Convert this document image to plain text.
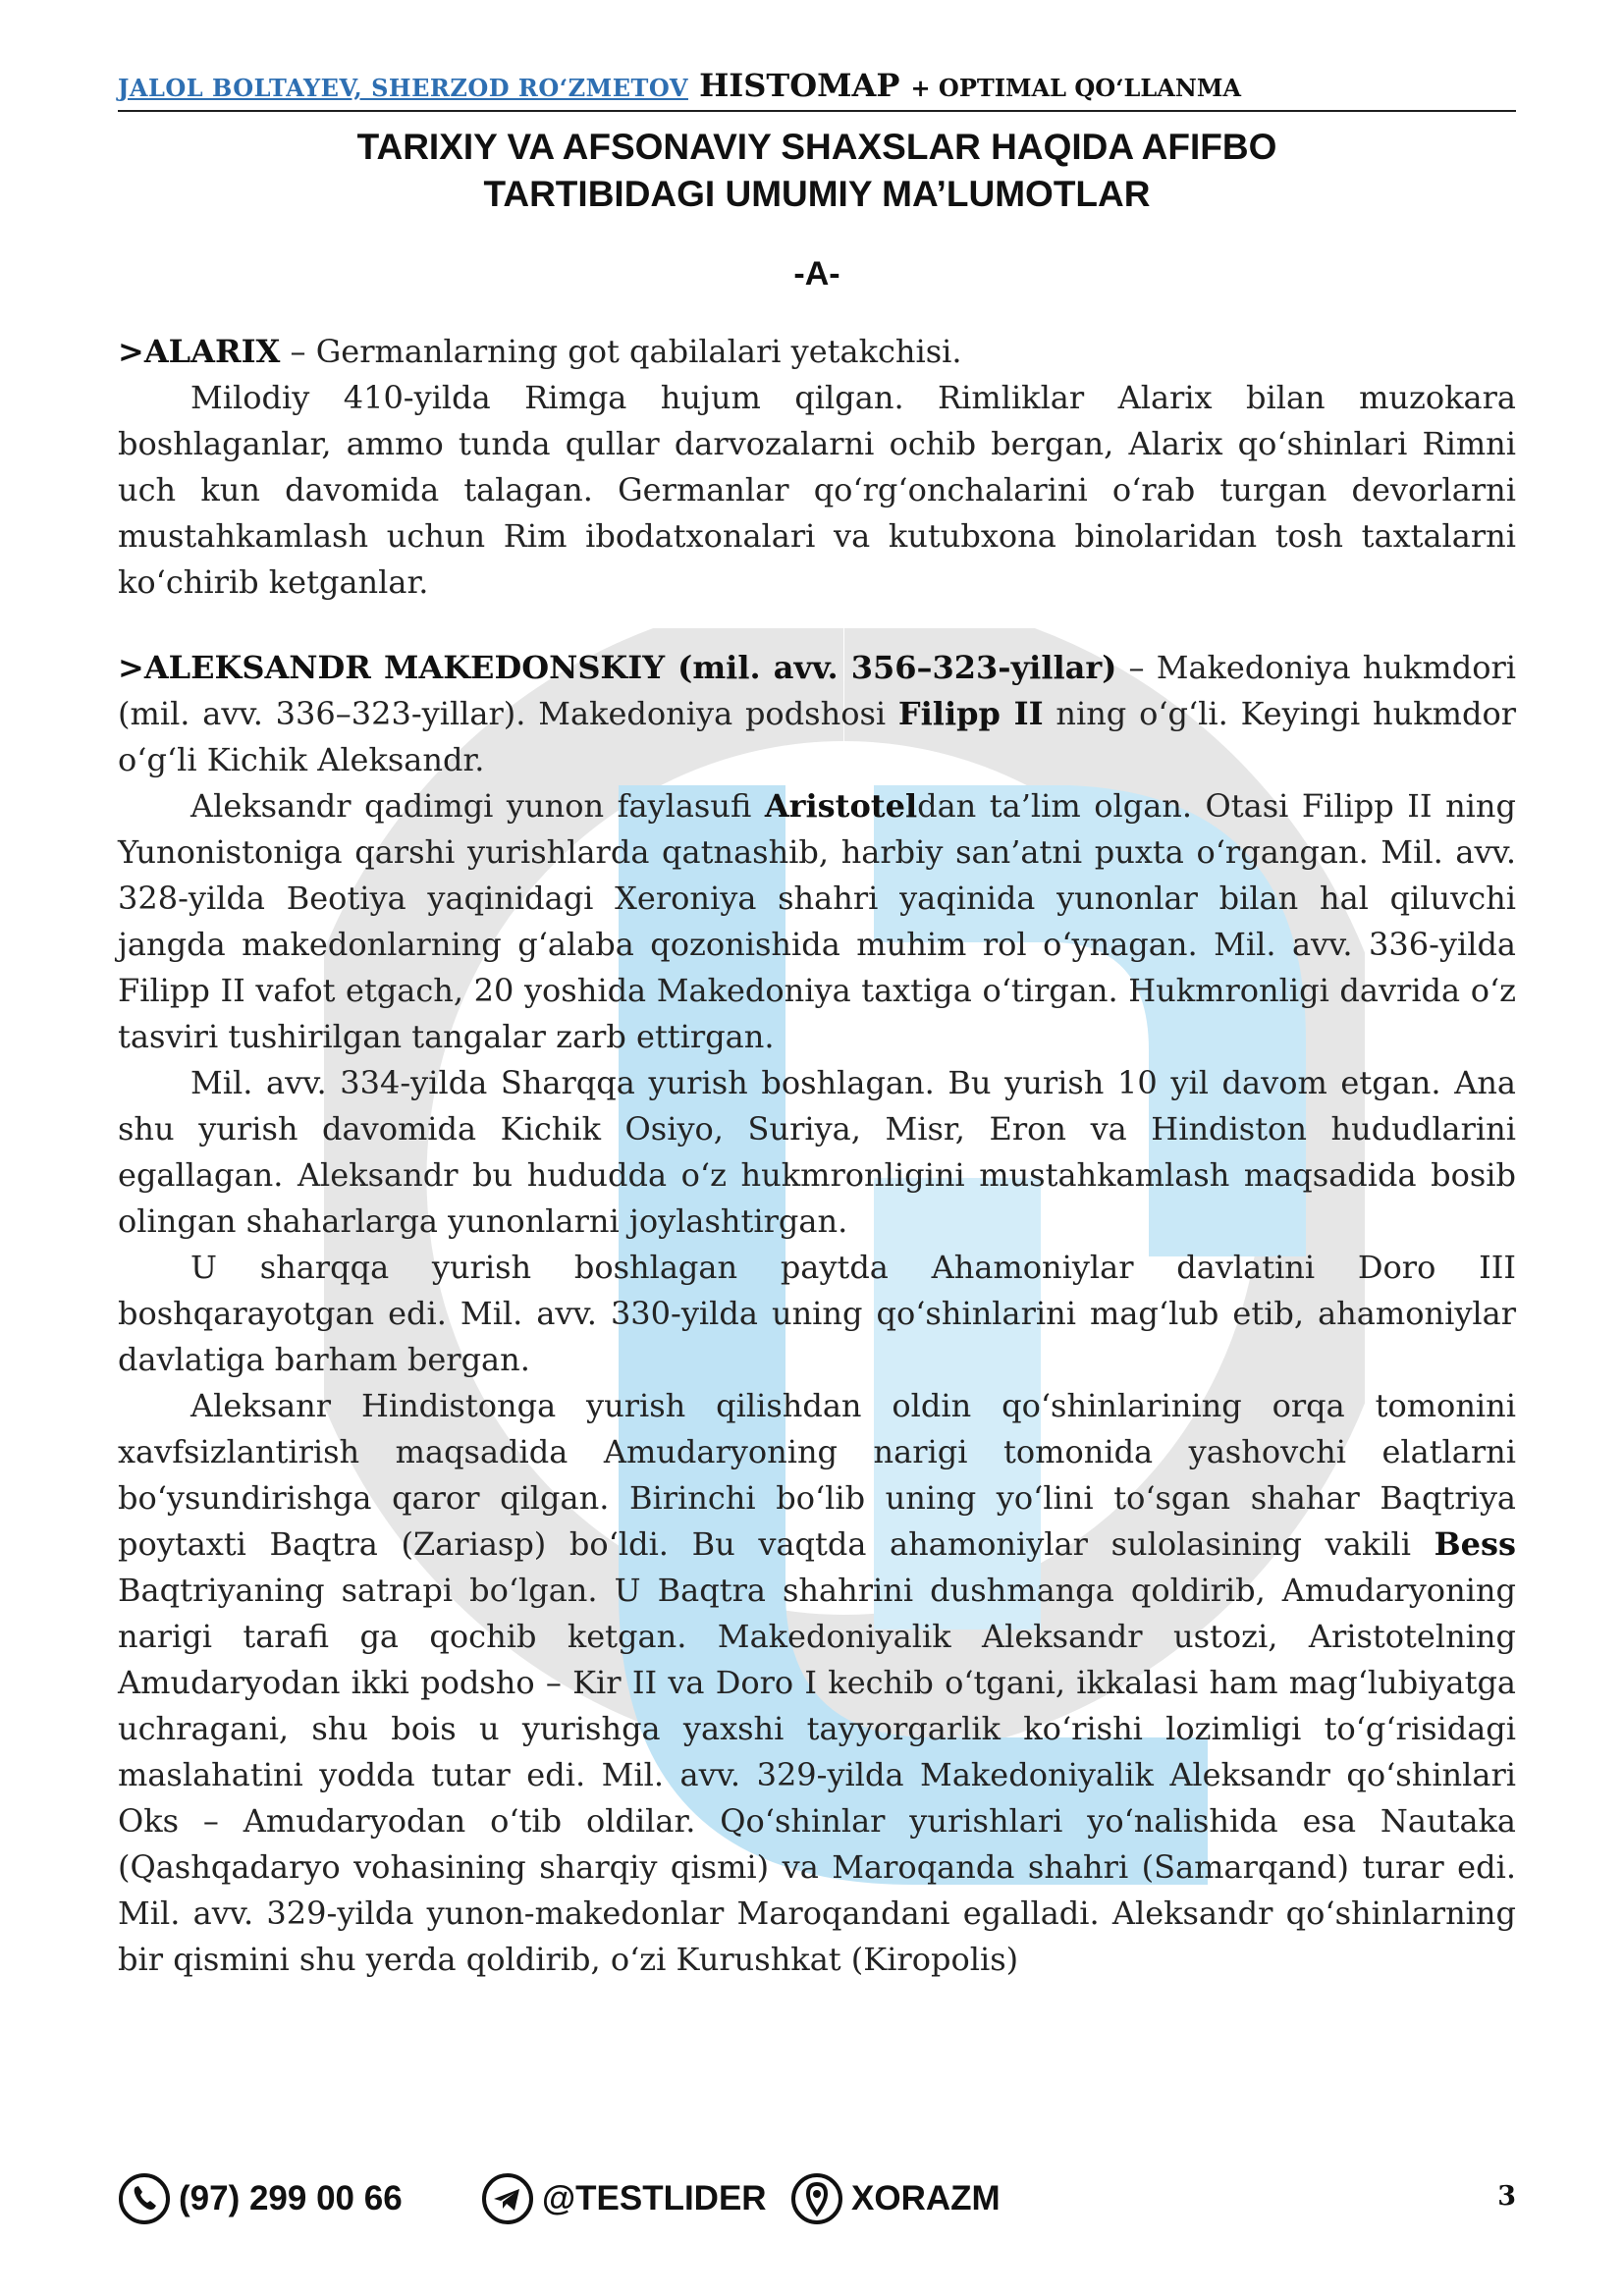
JALOL BOLTAYEV, SHERZOD RO‘ZMETOV HISTOMAP + OPTIMAL QO‘LLANMA
TARIXIY VA AFSONAVIY SHAXSLAR HAQIDA AFIFBO
TARTIBIDAGI UMUMIY MA’LUMOTLAR
-A-

>ALARIX – Germanlarning got qabilalari yetakchisi.

Milodiy 410-yilda Rimga hujum qilgan. Rimliklar Alarix bilan muzokara boshlaganlar, ammo tunda qullar darvozalarni ochib bergan, Alarix qo‘shinlari Rimni uch kun davomida talagan. Germanlar qo‘rg‘onchalarini o‘rab turgan devorlarni mustahkamlash uchun Rim ibodatxonalari va kutubxona binolaridan tosh taxtalarni ko‘chirib ketganlar.

>ALEKSANDR MAKEDONSKIY (mil. avv. 356–323-yillar) – Makedoniya hukmdori (mil. avv. 336–323-yillar). Makedoniya podshosi Filipp II ning o‘g‘li. Keyingi hukmdor o‘g‘li Kichik Aleksandr.

Aleksandr qadimgi yunon faylasufi Aristoteldan ta’lim olgan. Otasi Filipp II ning Yunonistoniga qarshi yurishlarda qatnashib, harbiy san’atni puxta o‘rgangan. Mil. avv. 328-yilda Beotiya yaqinidagi Xeroniya shahri yaqinida yunonlar bilan hal qiluvchi jangda makedonlarning g‘alaba qozonishida muhim rol o‘ynagan. Mil. avv. 336-yilda Filipp II vafot etgach, 20 yoshida Makedoniya taxtiga o‘tirgan. Hukmronligi davrida o‘z tasviri tushirilgan tangalar zarb ettirgan.

Mil. avv. 334-yilda Sharqqa yurish boshlagan. Bu yurish 10 yil davom etgan. Ana shu yurish davomida Kichik Osiyo, Suriya, Misr, Eron va Hindiston hududlarini egallagan. Aleksandr bu hududda o‘z hukmronligini mustahkamlash maqsadida bosib olingan shaharlarga yunonlarni joylashtirgan.

U sharqqa yurish boshlagan paytda Ahamoniylar davlatini Doro III boshqarayotgan edi. Mil. avv. 330-yilda uning qo‘shinlarini mag‘lub etib, ahamoniylar davlatiga barham bergan.

Aleksanr Hindistonga yurish qilishdan oldin qo‘shinlarining orqa tomonini xavfsizlantirish maqsadida Amudaryoning narigi tomonida yashovchi elatlarni bo‘ysundirishga qaror qilgan. Birinchi bo‘lib uning yo‘lini to‘sgan shahar Baqtriya poytaxti Baqtra (Zariasp) bo‘ldi. Bu vaqtda ahamoniylar sulolasining vakili Bess Baqtriyaning satrapi bo‘lgan. U Baqtra shahrini dushmanga qoldirib, Amudaryoning narigi tarafi ga qochib ketgan. Makedoniyalik Aleksandr ustozi, Aristotelning Amudaryodan ikki podsho – Kir II va Doro I kechib o‘tgani, ikkalasi ham mag‘lubiyatga uchragani, shu bois u yurishga yaxshi tayyorgarlik ko‘rishi lozimligi to‘g‘risidagi maslahatini yodda tutar edi. Mil. avv. 329-yilda Makedoniyalik Aleksandr qo‘shinlari Oks – Amudaryodan o‘tib oldilar. Qo‘shinlar yurishlari yo‘nalishida esa Nautaka (Qashqadaryo vohasining sharqiy qismi) va Maroqanda shahri (Samarqand) turar edi. Mil. avv. 329-yilda yunon-makedonlar Maroqandani egalladi. Aleksandr qo‘shinlarning bir qismini shu yerda qoldirib, o‘zi Kurushkat (Kiropolis)

(97) 299 00 66	@TESTLIDER XORAZM	3
